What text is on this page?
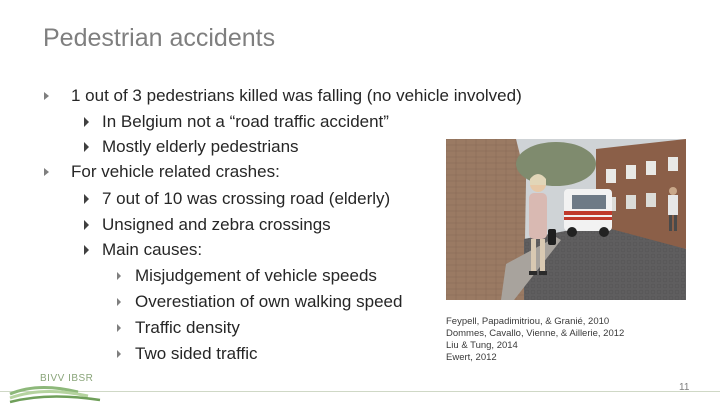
Pedestrian accidents
1 out of 3 pedestrians killed was falling (no vehicle involved)
In Belgium not a “road traffic accident”
Mostly elderly pedestrians
For vehicle related crashes:
7 out of 10 was crossing road (elderly)
Unsigned and zebra crossings
Main causes:
Misjudgement of vehicle speeds
Overestiation of own walking speed
Traffic density
Two sided traffic
Feypell, Papadimitriou, & Granié, 2010
Dommes, Cavallo, Vienne, & Aillerie, 2012
Liu & Tung, 2014
Ewert, 2012
BIVV IBSR
11
